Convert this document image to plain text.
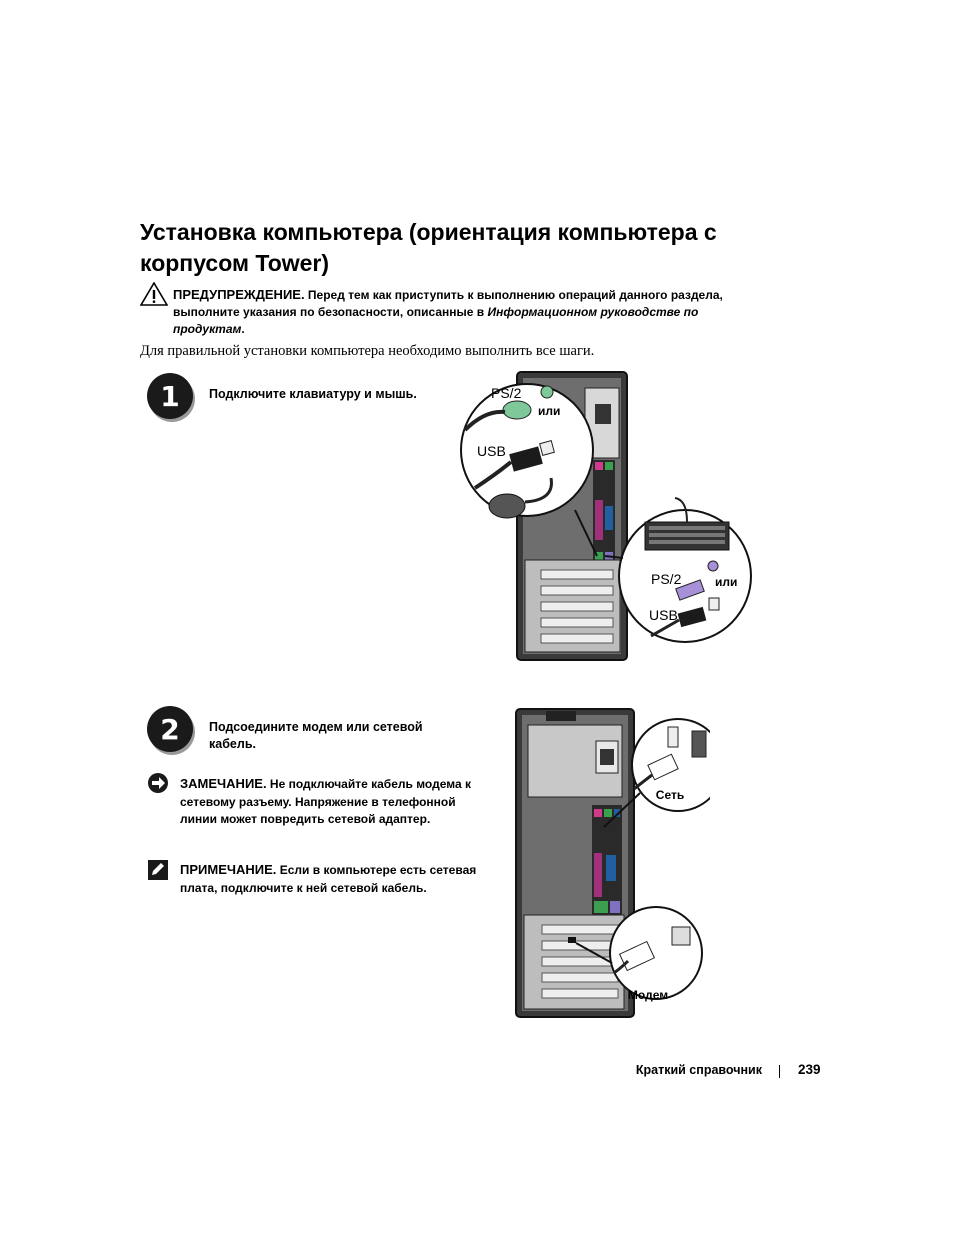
Установка компьютера (ориентация компьютера с
корпусом Tower)
ПРЕДУПРЕЖДЕНИЕ. Перед тем как приступить к выполнению операций данного раздела, выполните указания по безопасности, описанные в Информационном руководстве по продуктам.
Для правильной установки компьютера необходимо выполнить все шаги.
1 Подключите клавиатуру и мышь.	PS/2
или
USB
PS/2	или
USB
2 Подсоедините модем или сетевой кабель.
ЗАМЕЧАНИЕ. Не подключайте кабель модема к сетевому разъему. Напряжение в телефонной линии может повредить сетевой адаптер.
ПРИМЕЧАНИЕ. Если в компьютере есть сетевая плата, подключите к ней сетевой кабель.
Сеть
Модем
Краткий справочник	239
